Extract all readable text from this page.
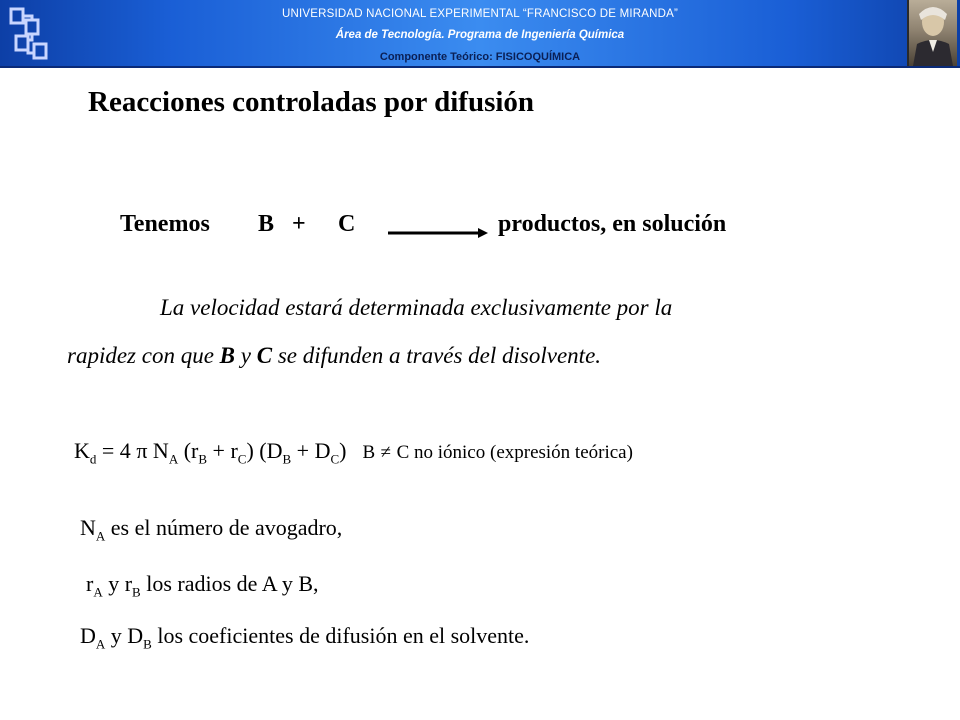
UNIVERSIDAD NACIONAL EXPERIMENTAL “FRANCISCO DE MIRANDA”
Área de Tecnología. Programa de Ingeniería Química
Componente Teórico: FISICOQUÍMICA
Reacciones controladas por difusión
Tenemos B + C	productos, en solución
La velocidad estará determinada exclusivamente por la
rapidez con que B y C se difunden a través del disolvente.
$K_d = 4$ π $N_A$ $(r_B + r_C) (D_B + D_C) B \ne C$ no iónico (expresión teórica)
$N_A$ es el número de avogadro,
$r_A$ y $r_B$ los radios de A y B,
$D_A$ y $D_B$ los coeficientes de difusión en el solvente.
